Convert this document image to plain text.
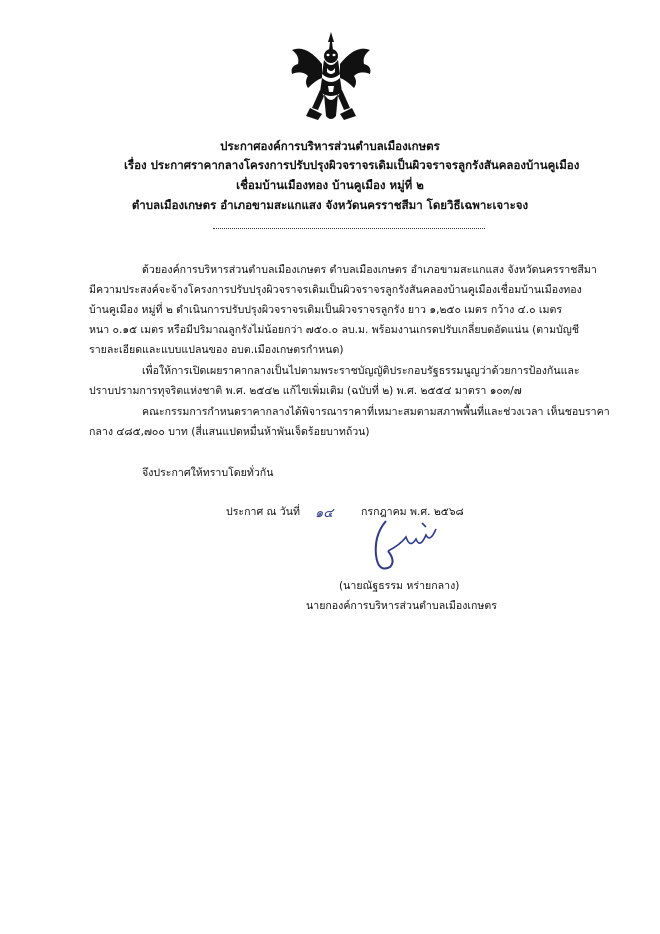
ประกาศองค์การบริหารส่วนตำบลเมืองเกษตร
เรื่อง ประกาศราคากลางโครงการปรับปรุงผิวจราจรเดิมเป็นผิวจราจรลูกรังสันคลองบ้านคูเมือง
เชื่อมบ้านเมืองทอง บ้านคูเมือง หมู่ที่ ๒
ตำบลเมืองเกษตร อำเภอขามสะแกแสง จังหวัดนครราชสีมา โดยวิธีเฉพาะเจาะจง
ด้วยองค์การบริหารส่วนตำบลเมืองเกษตร ตำบลเมืองเกษตร อำเภอขามสะแกแสง จังหวัดนครราชสีมา
มีความประสงค์จะจ้างโครงการปรับปรุงผิวจราจรเดิมเป็นผิวจราจรลูกรังสันคลองบ้านคูเมืองเชื่อมบ้านเมืองทอง
บ้านคูเมือง หมู่ที่ ๒ ดำเนินการปรับปรุงผิวจราจรเดิมเป็นผิวจราจรลูกรัง ยาว ๑,๒๕๐ เมตร กว้าง ๔.๐ เมตร
หนา ๐.๑๕ เมตร หรือมีปริมาณลูกรังไม่น้อยกว่า ๗๕๐.๐ ลบ.ม. พร้อมงานเกรดปรับเกลี่ยบดอัดแน่น (ตามบัญชี
รายละเอียดและแบบแปลนของ อบต.เมืองเกษตรกำหนด)
เพื่อให้การเปิดเผยราคากลางเป็นไปตามพระราชบัญญัติประกอบรัฐธรรมนูญว่าด้วยการป้องกันและ
ปราบปรามการทุจริตแห่งชาติ พ.ศ. ๒๕๔๒ แก้ไขเพิ่มเติม (ฉบับที่ ๒) พ.ศ. ๒๕๕๔ มาตรา ๑๐๓/๗
คณะกรรมการกำหนดราคากลางได้พิจารณาราคาที่เหมาะสมตามสภาพพื้นที่และช่วงเวลา เห็นชอบราคา
กลาง ๔๘๕,๗๐๐ บาท (สี่แสนแปดหมื่นห้าพันเจ็ดร้อยบาทถ้วน)
จึงประกาศให้ทราบโดยทั่วกัน
ประกาศ ณ วันที่ ๑๔	กรกฎาคม พ.ศ. ๒๕๖๘
(นายณัฐธรรม หร่ายกลาง)
นายกองค์การบริหารส่วนตำบลเมืองเกษตร
